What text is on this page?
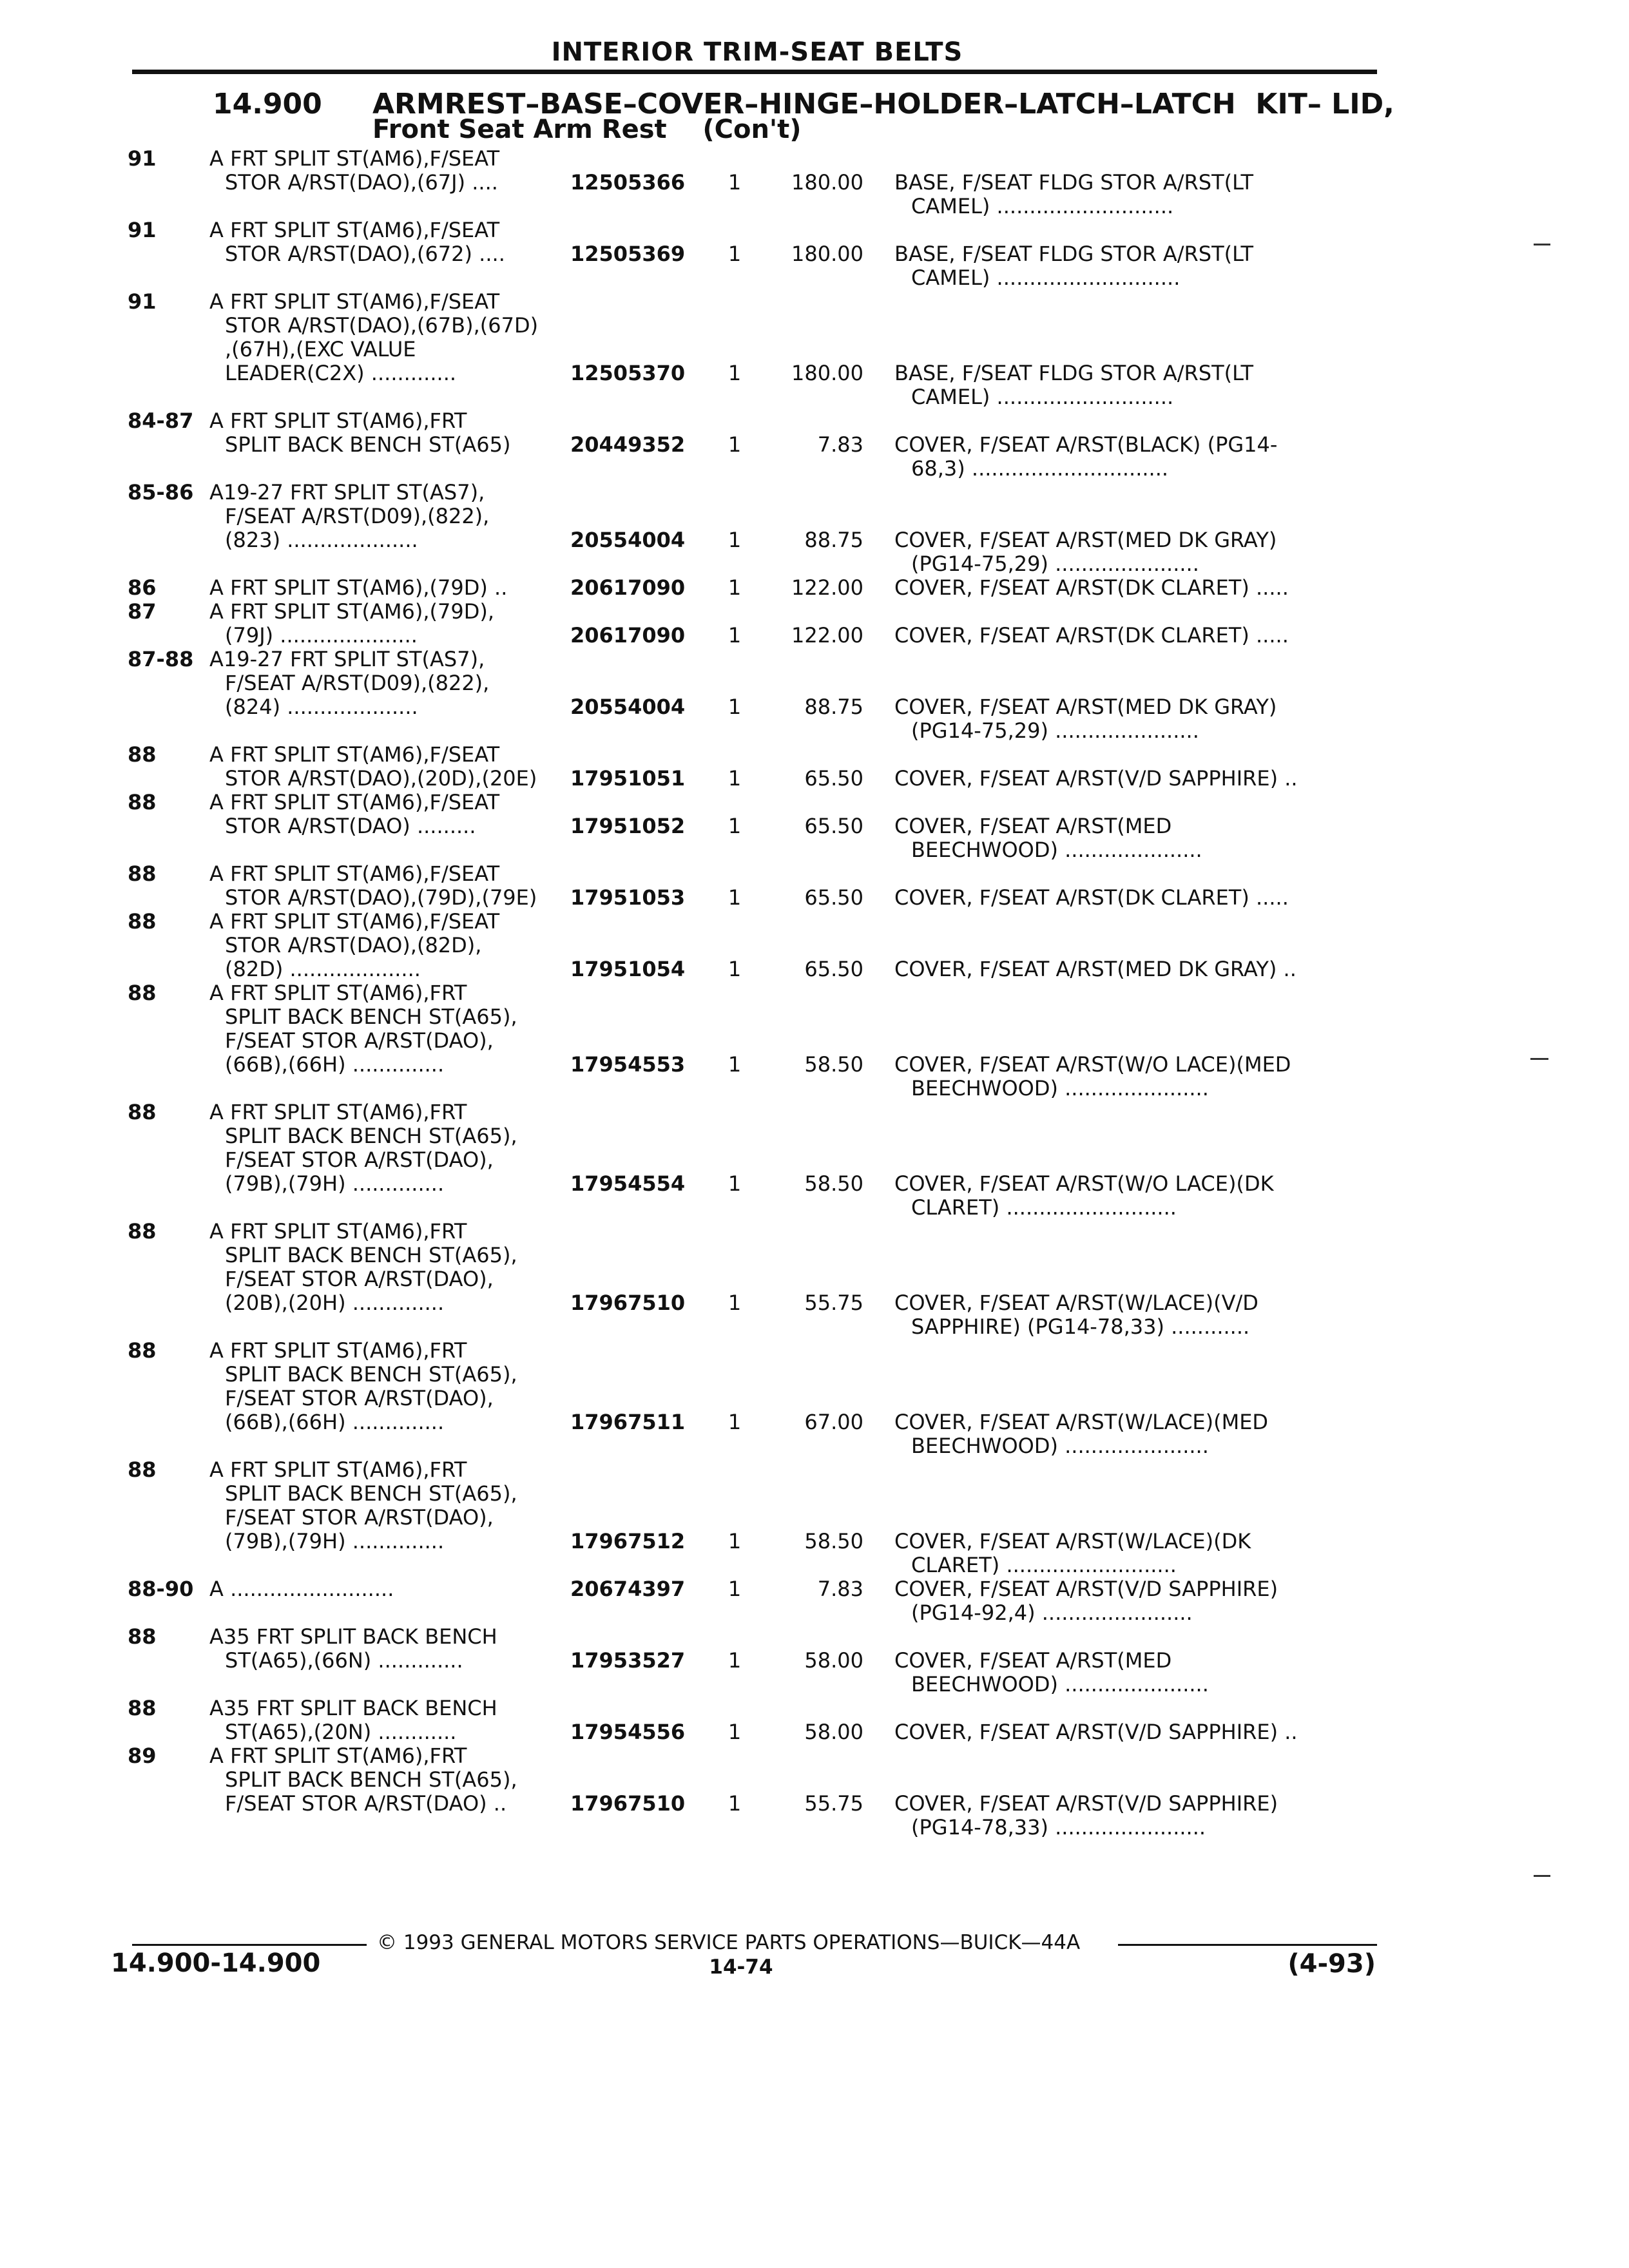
INTERIOR TRIM-SEAT BELTS
14.900 ARMREST–BASE–COVER–HINGE–HOLDER–LATCH–LATCH  KIT– LID,
Front Seat Arm Rest    (Con't)
91	A FRT SPLIT ST(AM6),F/SEAT
STOR A/RST(DAO),(67J) ....	12505366	1	180.00 BASE, F/SEAT FLDG STOR A/RST(LT
CAMEL) ...........................
91	A FRT SPLIT ST(AM6),F/SEAT
STOR A/RST(DAO),(672) ....	12505369	1	180.00 BASE, F/SEAT FLDG STOR A/RST(LT
CAMEL) ............................
91	A FRT SPLIT ST(AM6),F/SEAT
STOR A/RST(DAO),(67B),(67D)
,(67H),(EXC VALUE
LEADER(C2X) .............	12505370	1	180.00 BASE, F/SEAT FLDG STOR A/RST(LT
CAMEL) ...........................
84-87 A FRT SPLIT ST(AM6),FRT
SPLIT BACK BENCH ST(A65)	20449352	1	7.83 COVER, F/SEAT A/RST(BLACK) (PG14-
68,3) ..............................
85-86 A19-27 FRT SPLIT ST(AS7),
F/SEAT A/RST(D09),(822),
(823) ....................	20554004	1	88.75 COVER, F/SEAT A/RST(MED DK GRAY)
(PG14-75,29) ......................
86	A FRT SPLIT ST(AM6),(79D) ..	20617090	1	122.00 COVER, F/SEAT A/RST(DK CLARET) .....
87	A FRT SPLIT ST(AM6),(79D),
(79J) .....................	20617090	1	122.00 COVER, F/SEAT A/RST(DK CLARET) .....
87-88 A19-27 FRT SPLIT ST(AS7),
F/SEAT A/RST(D09),(822),
(824) ....................	20554004	1	88.75 COVER, F/SEAT A/RST(MED DK GRAY)
(PG14-75,29) ......................
88	A FRT SPLIT ST(AM6),F/SEAT
STOR A/RST(DAO),(20D),(20E)	17951051	1	65.50 COVER, F/SEAT A/RST(V/D SAPPHIRE) ..
88	A FRT SPLIT ST(AM6),F/SEAT
STOR A/RST(DAO) .........	17951052	1	65.50 COVER, F/SEAT A/RST(MED
BEECHWOOD) .....................
88	A FRT SPLIT ST(AM6),F/SEAT
STOR A/RST(DAO),(79D),(79E)	17951053	1	65.50 COVER, F/SEAT A/RST(DK CLARET) .....
88	A FRT SPLIT ST(AM6),F/SEAT
STOR A/RST(DAO),(82D),
(82D) ....................	17951054	1	65.50 COVER, F/SEAT A/RST(MED DK GRAY) ..
88	A FRT SPLIT ST(AM6),FRT
SPLIT BACK BENCH ST(A65),
F/SEAT STOR A/RST(DAO),
(66B),(66H) ..............	17954553	1	58.50 COVER, F/SEAT A/RST(W/O LACE)(MED
BEECHWOOD) ......................
88	A FRT SPLIT ST(AM6),FRT
SPLIT BACK BENCH ST(A65),
F/SEAT STOR A/RST(DAO),
(79B),(79H) ..............	17954554	1	58.50 COVER, F/SEAT A/RST(W/O LACE)(DK
CLARET) ..........................
88	A FRT SPLIT ST(AM6),FRT
SPLIT BACK BENCH ST(A65),
F/SEAT STOR A/RST(DAO),
(20B),(20H) ..............	17967510	1	55.75 COVER, F/SEAT A/RST(W/LACE)(V/D
SAPPHIRE) (PG14-78,33) ............
88	A FRT SPLIT ST(AM6),FRT
SPLIT BACK BENCH ST(A65),
F/SEAT STOR A/RST(DAO),
(66B),(66H) ..............	17967511	1	67.00 COVER, F/SEAT A/RST(W/LACE)(MED
BEECHWOOD) ......................
88	A FRT SPLIT ST(AM6),FRT
SPLIT BACK BENCH ST(A65),
F/SEAT STOR A/RST(DAO),
(79B),(79H) ..............	17967512	1	58.50 COVER, F/SEAT A/RST(W/LACE)(DK
CLARET) ..........................
88-90 A .........................	20674397	1	7.83 COVER, F/SEAT A/RST(V/D SAPPHIRE)
(PG14-92,4) .......................
88	A35 FRT SPLIT BACK BENCH
ST(A65),(66N) .............	17953527	1	58.00 COVER, F/SEAT A/RST(MED
BEECHWOOD) ......................
88	A35 FRT SPLIT BACK BENCH
ST(A65),(20N) ............	17954556	1	58.00 COVER, F/SEAT A/RST(V/D SAPPHIRE) ..
89	A FRT SPLIT ST(AM6),FRT
SPLIT BACK BENCH ST(A65),
F/SEAT STOR A/RST(DAO) ..	17967510	1	55.75 COVER, F/SEAT A/RST(V/D SAPPHIRE)
(PG14-78,33) .......................
© 1993 GENERAL MOTORS SERVICE PARTS OPERATIONS—BUICK—44A
14.900-14.900	14-74	(4-93)
